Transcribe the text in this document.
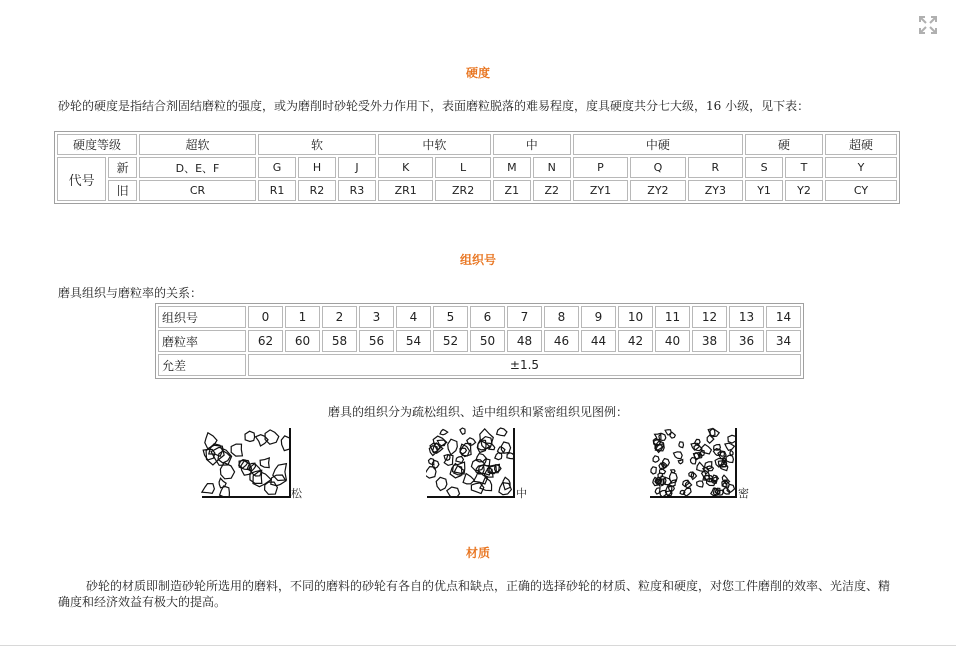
硬度
砂轮的硬度是指结合剂固结磨粒的强度，或为磨削时砂轮受外力作用下，表面磨粒脱落的难易程度，度具硬度共分七大级，16 小级，见下表：
硬度等级		超软	软			中软		中		中硬			硬		超硬
代号	新	D、E、F	G	H	J	K	L	M	N	P	Q	R	S	T	Y
	旧	CR	R1	R2	R3	ZR1	ZR2	Z1	Z2	ZY1	ZY2	ZY3	Y1	Y2	CY
组织号
磨具组织与磨粒率的关系：
组织号	0	1	2	3	4	5	6	7	8	9	10	11	12	13	14
磨粒率	62	60	58	56	54	52	50	48	46	44	42	40	38	36	34
允差	±1.5														
磨具的组织分为疏松组织、适中组织和紧密组织见图例：
松	中	密
材质
砂轮的材质即制造砂轮所选用的磨料，不同的磨料的砂轮有各自的优点和缺点，正确的选择砂轮的材质、粒度和硬度，对您工件磨削的效率、光洁度、精确度和经济效益有极大的提高。
